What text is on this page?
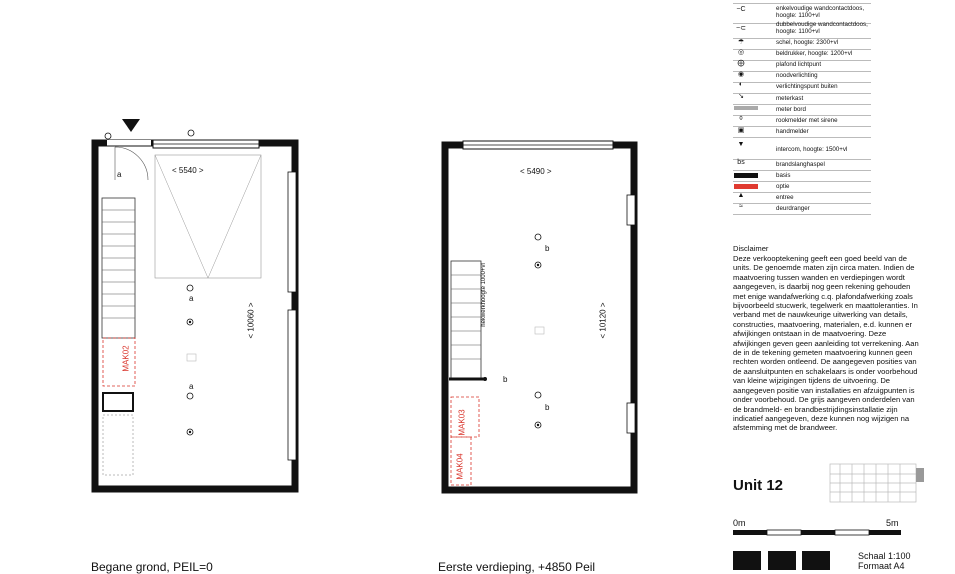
< 5540 >
< 10060 >
MAK02
a
a
a
Begane grond, PEIL=0
< 5490 >
< 10120 >
hekwerkhoogte 1000+vl
MAK03
MAK04
b
b
b
Eerste verdieping, +4850 Peil
−C
−⊂
☂
◎
⨁
◉
◐
↘
⌽
▣
▼
bs
▲
≈
enkelvoudige wandcontactdoos, hoogte: 1100+vl
dubbelvoudige wandcontactdoos, hoogte: 1100+vl
schel, hoogte: 2300+vl
beldrukker, hoogte: 1200+vl
plafond lichtpunt
noodverlichting
verlichtingspunt buiten
meterkast
meter bord
rookmelder met sirene
handmelder
intercom, hoogte: 1500+vl
brandslanghaspel
basis
optie
entree
deurdranger
Disclaimer
Deze verkooptekening geeft een goed beeld van de units. De genoemde maten zijn circa maten. Indien de maatvoering tussen wanden en verdiepingen wordt aangegeven, is daarbij nog geen rekening gehouden met enige wandafwerking c.q. plafondafwerking zoals bijvoorbeeld stucwerk, tegelwerk en maattoleranties. In verband met de nauwkeurige uitwerking van details, constructies, maatvoering, materialen, e.d. kunnen er afwijkingen ontstaan in de maatvoering. Deze afwijkingen geven geen aanleiding tot verrekening. Aan de in de tekening gemeten maatvoering kunnen geen rechten worden ontleend. De aangegeven posities van de aansluitpunten en schakelaars is onder voorbehoud van kleine wijzigingen tijdens de uitvoering. De aangegeven positie van installaties en afzuigpunten is onder voorbehoud. De grijs aangeven onderdelen van de brandmeld- en brandbestrijdingsinstallatie zijn indicatief aangegeven, deze kunnen nog wijzigen na afstemming met de brandweer.
Unit 12
0m	5m
Schaal 1:100
Formaat A4
